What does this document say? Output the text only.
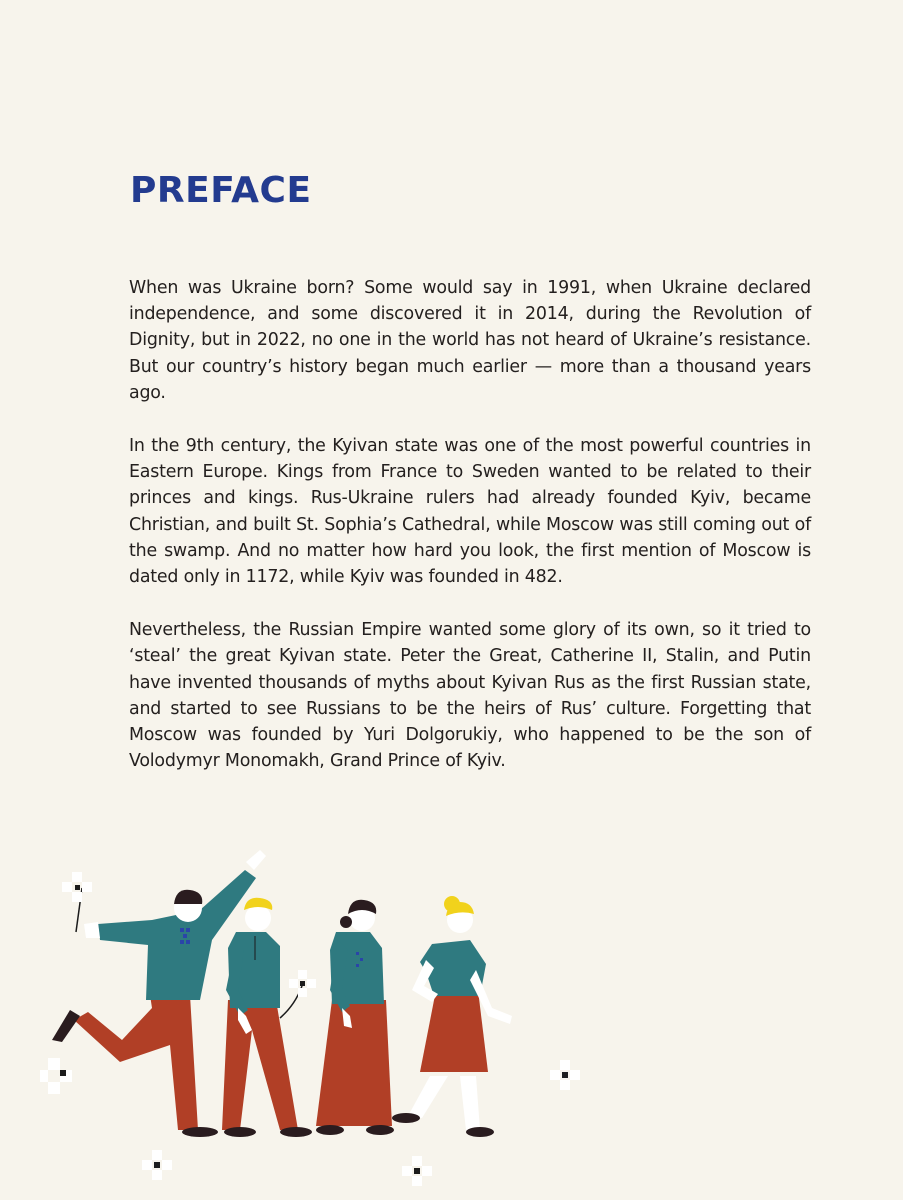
PREFACE

When was Ukraine born? Some would say in 1991, when Ukraine declared independence, and some discovered it in 2014, during the Revolution of Dignity, but in 2022, no one in the world has not heard of Ukraine’s resistance. But our country’s history began much earlier — more than a thousand years ago.

In the 9th century, the Kyivan state was one of the most powerful countries in Eastern Europe. Kings from France to Sweden wanted to be related to their princes and kings. Rus-Ukraine rulers had already founded Kyiv, became Christian, and built St. Sophia’s Cathedral, while Moscow was still coming out of the swamp. And no matter how hard you look, the first mention of Moscow is dated only in 1172, while Kyiv was founded in 482.

Nevertheless, the Russian Empire wanted some glory of its own, so it tried to ‘steal’ the great Kyivan state. Peter the Great, Catherine II, Stalin, and Putin have invented thousands of myths about Kyivan Rus as the first Russian state, and started to see Russians to be the heirs of Rus’ culture. Forgetting that Moscow was founded by Yuri Dolgorukiy, who happened to be the son of Volodymyr Monomakh, Grand Prince of Kyiv.
